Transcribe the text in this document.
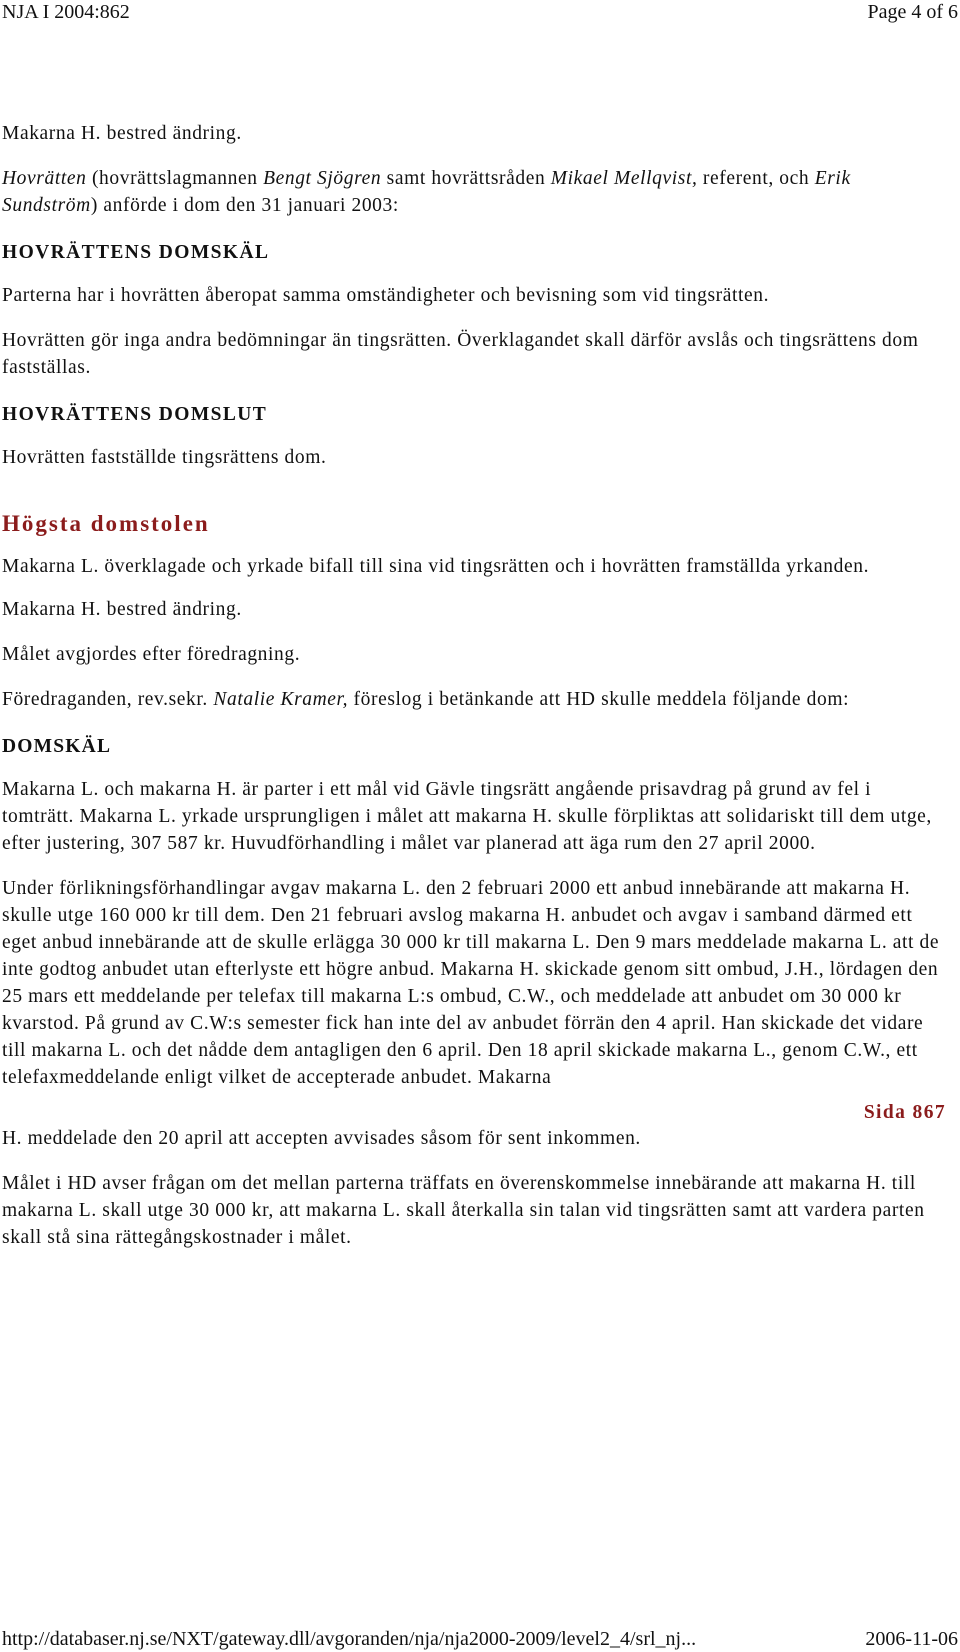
NJA I 2004:862	Page 4 of 6

Makarna H. bestred ändring.

Hovrätten (hovrättslagmannen Bengt Sjögren samt hovrättsråden Mikael Mellqvist, referent, och Erik Sundström) anförde i dom den 31 januari 2003:

HOVRÄTTENS DOMSKÄL

Parterna har i hovrätten åberopat samma omständigheter och bevisning som vid tingsrätten.

Hovrätten gör inga andra bedömningar än tingsrätten. Överklagandet skall därför avslås och tingsrättens dom fastställas.

HOVRÄTTENS DOMSLUT

Hovrätten fastställde tingsrättens dom.

Högsta domstolen

Makarna L. överklagade och yrkade bifall till sina vid tingsrätten och i hovrätten framställda yrkanden.

Makarna H. bestred ändring.

Målet avgjordes efter föredragning.

Föredraganden, rev.sekr. Natalie Kramer, föreslog i betänkande att HD skulle meddela följande dom:

DOMSKÄL

Makarna L. och makarna H. är parter i ett mål vid Gävle tingsrätt angående prisavdrag på grund av fel i tomträtt. Makarna L. yrkade ursprungligen i målet att makarna H. skulle förpliktas att solidariskt till dem utge, efter justering, 307 587 kr. Huvudförhandling i målet var planerad att äga rum den 27 april 2000.

Under förlikningsförhandlingar avgav makarna L. den 2 februari 2000 ett anbud innebärande att makarna H. skulle utge 160 000 kr till dem. Den 21 februari avslog makarna H. anbudet och avgav i samband därmed ett eget anbud innebärande att de skulle erlägga 30 000 kr till makarna L. Den 9 mars meddelade makarna L. att de inte godtog anbudet utan efterlyste ett högre anbud. Makarna H. skickade genom sitt ombud, J.H., lördagen den 25 mars ett meddelande per telefax till makarna L:s ombud, C.W., och meddelade att anbudet om 30 000 kr kvarstod. På grund av C.W:s semester fick han inte del av anbudet förrän den 4 april. Han skickade det vidare till makarna L. och det nådde dem antagligen den 6 april. Den 18 april skickade makarna L., genom C.W., ett telefaxmeddelande enligt vilket de accepterade anbudet. Makarna

Sida 867

H. meddelade den 20 april att accepten avvisades såsom för sent inkommen.

Målet i HD avser frågan om det mellan parterna träffats en överenskommelse innebärande att makarna H. till makarna L. skall utge 30 000 kr, att makarna L. skall återkalla sin talan vid tingsrätten samt att vardera parten skall stå sina rättegångskostnader i målet.

http://databaser.nj.se/NXT/gateway.dll/avgoranden/nja/nja2000-2009/level2_4/srl_nj...	2006-11-06
